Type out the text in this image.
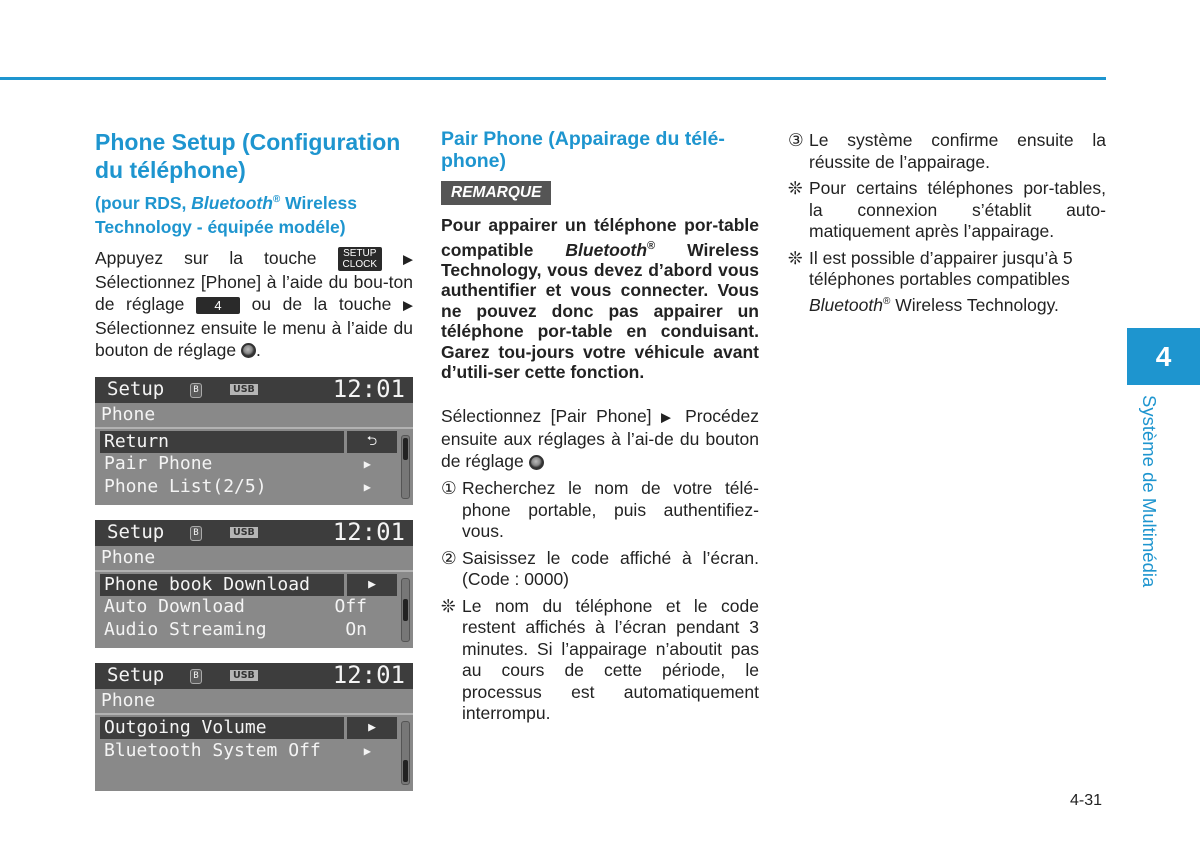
Phone Setup (Configuration du téléphone)
(pour RDS, Bluetooth® Wireless Technology - équipée modéle)

Appuyez sur la touche	SETUP
CLOCK ▶ Sélectionnez [Phone] à l’aide du bou-ton de réglage 4 ou de la touche ▶ Sélectionnez ensuite le menu à l’aide du bouton de réglage .

Setup	B	USB	12:01
Phone
Return	⮌
Pair Phone	▶
Phone List(2/5)	▶
Setup	B	USB	12:01
Phone
Phone book Download	▶
Auto Download	Off
Audio Streaming	On
Setup	B	USB	12:01
Phone
Outgoing Volume	▶
Bluetooth System Off	▶
Pair Phone (Appairage du télé-phone)
REMARQUE

Pour appairer un téléphone por-table compatible Bluetooth® Wireless Technology, vous devez d’abord vous authentifier et vous connecter. Vous ne pouvez donc pas appairer un téléphone por-table en conduisant. Garez tou-jours votre véhicule avant d’utili-ser cette fonction.

Sélectionnez [Pair Phone] ▶ Procédez ensuite aux réglages à l’ai-de du bouton de réglage

① Recherchez le nom de votre télé-phone portable, puis authentifiez-vous.
② Saisissez le code affiché à l’écran. (Code : 0000)
❊ Le nom du téléphone et le code restent affichés à l’écran pendant 3 minutes. Si l’appairage n’aboutit pas au cours de cette période, le processus est automatiquement interrompu.
③ Le système confirme ensuite la réussite de l’appairage.
❊ Pour certains téléphones por-tables, la connexion s’établit auto-matiquement après l’appairage.
❊ Il est possible d’appairer jusqu’à 5 téléphones portables compatibles Bluetooth® Wireless Technology.
4
Système de Multimédia
4-31
